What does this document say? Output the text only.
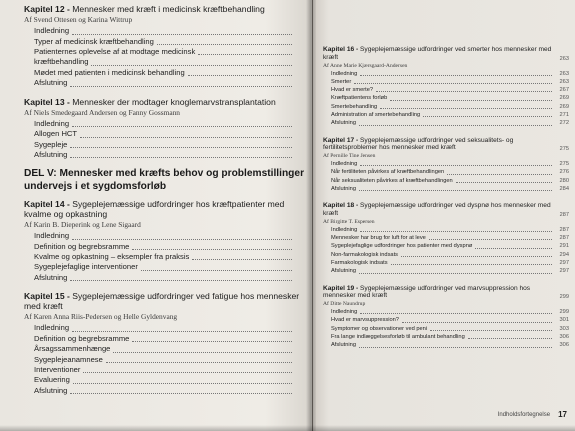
Kapitel 12 - Mennesker med kræft i medicinsk kræftbehandling
Af Svend Ottesen og Karina Wittrup
Indledning
Typer af medicinsk kræftbehandling
Patienternes oplevelse af at modtage medicinsk
kræftbehandling
Mødet med patienten i medicinsk behandling
Afslutning
Kapitel 13 - Mennesker der modtager knoglemarvstransplantation
Af Niels Smedegaard Andersen og Fanny Gossmann
Indledning
Allogen HCT
Sygepleje
Afslutning
DEL V: Mennesker med kræfts behov og problemstillinger undervejs i et sygdomsforløb
Kapitel 14 - Sygeplejemæssige udfordringer hos kræftpatienter med kvalme og opkastning
Af Karin B. Dieperink og Lene Sigaard
Indledning
Definition og begrebsramme
Kvalme og opkastning – eksempler fra praksis
Sygeplejefaglige interventioner
Afslutning
Kapitel 15 - Sygeplejemæssige udfordringer ved fatigue hos mennesker med kræft
Af Karen Anna Riis-Pedersen og Helle Gyldenvang
Indledning
Definition og begrebsramme
Årsagssammenhænge
Sygeplejeanamnese
Interventioner
Evaluering
Afslutning
Kapitel 16 - Sygeplejemæssige udfordringer ved smerter hos mennesker med kræft	263
Af Anne Marie Kjærsgaard-Andersen
Indledning	263
Smerter	263
Hvad er smerte?	267
Kræftpatientens forløb	269
Smertebehandling	269
Administration af smertebehandling	271
Afslutning	272
Kapitel 17 - Sygeplejemæssige udfordringer ved seksualitets- og fertilitetsproblemer hos mennesker med kræft	275
Af Pernille Tine Jensen
Indledning	275
Når fertiliteten påvirkes af kræftbehandlingen	276
Når seksualiteten påvirkes af kræftbehandlingen	280
Afslutning	284
Kapitel 18 - Sygeplejemæssige udfordringer ved dyspnø hos mennesker med kræft	287
Af Birgitte T. Espersen
Indledning	287
Mennesker har brug for luft for at leve	287
Sygeplejefaglige udfordringer hos patienter med dyspnø	291
Non-farmakologisk indsats	294
Farmakologisk indsats	297
Afslutning	297
Kapitel 19 - Sygeplejemæssige udfordringer ved marvsuppression hos mennesker med kræft	299
Af Ditte Naundrup
Indledning	299
Hvad er marvsuppression?	301
Symptomer og observationer ved peni	303
Fra lange indlæggelsesforløb til ambulant behandling	306
Afslutning	306
Indholdsfortegnelse 17
